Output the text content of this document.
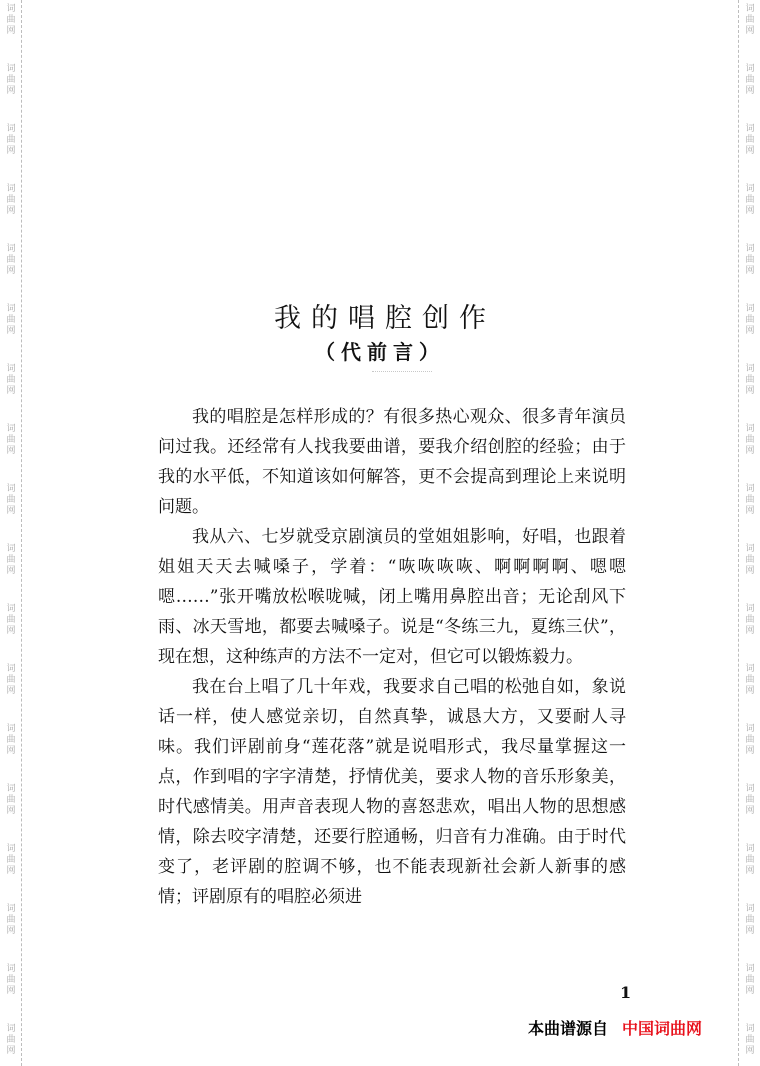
词
曲
网
词
曲
网
词
曲
网
词
曲
网
词
曲
网
词
曲
网
词
曲
网
词
曲
网
词
曲
网
词
曲
网
词
曲
网
词
曲
网
词
曲
网
词
曲
网
词
曲
网
词
曲
网
词
曲
网
词
曲
网
词
曲
网
词
曲
网
词
曲
网
词
曲
网
词
曲
网
词
曲
网
词
曲
网
词
曲
网
词
曲
网
词
曲
网
词
曲
网
词
曲
网
词
曲
网
词
曲
网
词
曲
网
词
曲
网
词
曲
网
词
曲
网
我的唱腔创作
（代前言）

我的唱腔是怎样形成的？有很多热心观众、很多青年演员问过我。还经常有人找我要曲谱，要我介绍创腔的经验；由于我的水平低，不知道该如何解答，更不会提高到理论上来说明问题。

我从六、七岁就受京剧演员的堂姐姐影响，好唱，也跟着姐姐天天去喊嗓子，学着：“咴咴咴咴、啊啊啊啊、嗯嗯嗯……”张开嘴放松喉咙喊，闭上嘴用鼻腔出音；无论刮风下雨、冰天雪地，都要去喊嗓子。说是“冬练三九，夏练三伏”，现在想，这种练声的方法不一定对，但它可以锻炼毅力。

我在台上唱了几十年戏，我要求自己唱的松弛自如，象说话一样，使人感觉亲切，自然真挚，诚恳大方，又要耐人寻味。我们评剧前身“莲花落”就是说唱形式，我尽量掌握这一点，作到唱的字字清楚，抒情优美，要求人物的音乐形象美，时代感情美。用声音表现人物的喜怒悲欢，唱出人物的思想感情，除去咬字清楚，还要行腔通畅，归音有力准确。由于时代变了，老评剧的腔调不够，也不能表现新社会新人新事的感情；评剧原有的唱腔必须进

1
本曲谱源自 中国词曲网
